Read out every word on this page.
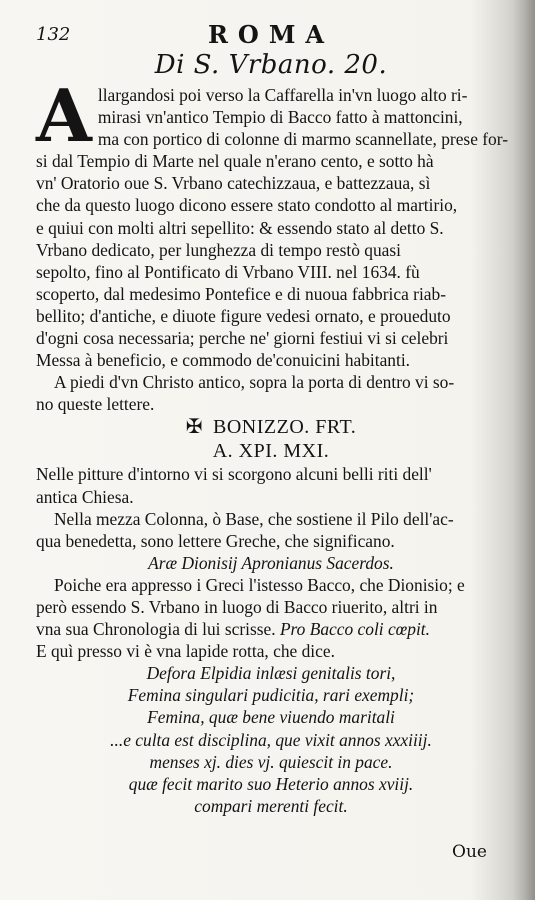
132	ROMA
Di S. Vrbano. 20.
A llargandosi poi verso la Caffarella in'vn luogo alto ri-
mirasi vn'antico Tempio di Bacco fatto à mattoncini,
ma con portico di colonne di marmo scannellate, prese for-
si dal Tempio di Marte nel quale n'erano cento, e sotto hà
vn' Oratorio oue S. Vrbano catechizzaua, e battezzaua, sì
che da questo luogo dicono essere stato condotto al martirio,
e quiui con molti altri sepellito: & essendo stato al detto S.
Vrbano dedicato, per lunghezza di tempo restò quasi
sepolto, fino al Pontificato di Vrbano VIII. nel 1634. fù
scoperto, dal medesimo Pontefice e di nuoua fabbrica riab-
bellito; d'antiche, e diuote figure vedesi ornato, e proueduto
d'ogni cosa necessaria; perche ne' giorni festiui vi si celebri
Messa à beneficio, e commodo de'conuicini habitanti.
A piedi d'vn Christo antico, sopra la porta di dentro vi so-
no queste lettere.
✠ BONIZZO. FRT.
A. XPI. MXI.
Nelle pitture d'intorno vi si scorgono alcuni belli riti dell'
antica Chiesa.
Nella mezza Colonna, ò Base, che sostiene il Pilo dell'ac-
qua benedetta, sono lettere Greche, che significano.
Aræ Dionisij Apronianus Sacerdos.
Poiche era appresso i Greci l'istesso Bacco, che Dionisio; e
però essendo S. Vrbano in luogo di Bacco riuerito, altri in
vna sua Chronologia di lui scrisse. Pro Bacco coli cœpit.
E quì presso vi è vna lapide rotta, che dice.
Defora Elpidia inlæsi genitalis tori,
Femina singulari pudicitia, rari exempli;
Femina, quæ bene viuendo maritali
...e culta est disciplina, que vixit annos xxxiiij.
menses xj. dies vj. quiescit in pace.
quæ fecit marito suo Heterio annos xviij.
compari merenti fecit.
Oue
